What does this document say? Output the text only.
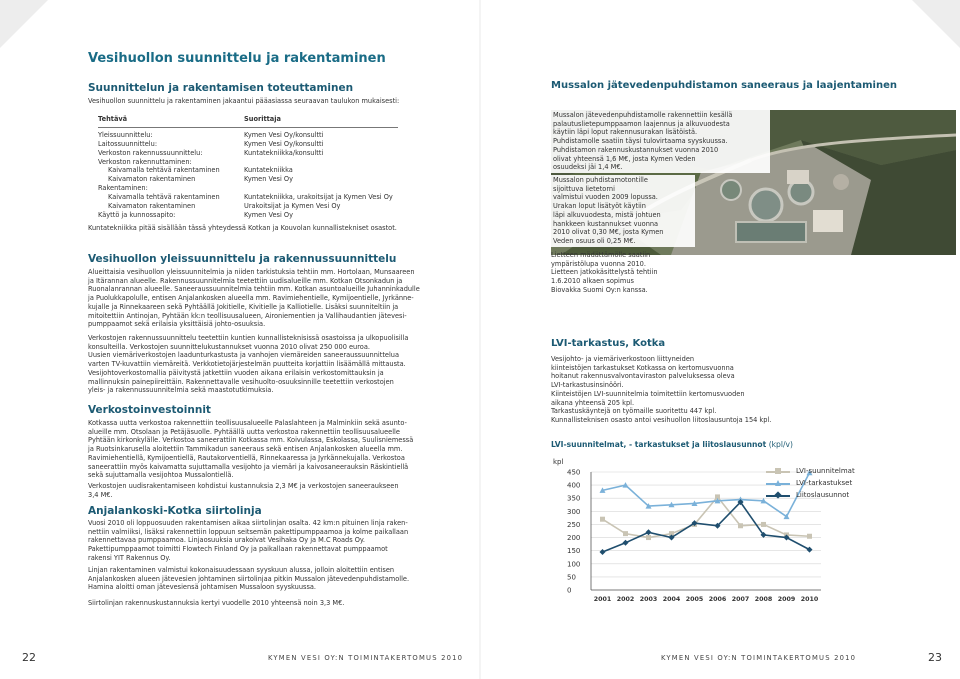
Vesihuollon suunnittelu ja rakentaminen
Suunnittelun ja rakentamisen toteuttaminen
Vesihuollon suunnittelu ja rakentaminen jakaantui pääasiassa seuraavan taulukon mukaisesti:
Tehtävä	Suorittaja
Yleissuunnittelu:	Kymen Vesi Oy/konsultti
Laitossuunnittelu:	Kymen Vesi Oy/konsultti
Verkoston rakennussuunnittelu:	Kuntatekniikka/konsultti
Verkoston rakennuttaminen:
Kaivamalla tehtävä rakentaminen	Kuntatekniikka
Kaivamaton rakentaminen	Kymen Vesi Oy
Rakentaminen:
Kaivamalla tehtävä rakentaminen	Kuntatekniikka, urakoitsijat ja Kymen Vesi Oy
Kaivamaton rakentaminen	Urakoitsijat ja Kymen Vesi Oy
Käyttö ja kunnossapito:	Kymen Vesi Oy
Kuntatekniikka pitää sisällään tässä yhteydessä Kotkan ja Kouvolan kunnallistekniset osastot.
Vesihuollon yleissuunnittelu ja rakennussuunnittelu
Alueittaisia vesihuollon yleissuunnitelmia ja niiden tarkistuksia tehtiin mm. Hortolaan, Munsaareen
ja Itärannan alueelle. Rakennussuunnitelmia teetettiin uudisalueille mm. Kotkan Otsonkadun ja
Ruonalanrannan alueelle. Saneeraussuunnitelmia tehtiin mm. Kotkan asuntoalueille Juhanninkadulle
ja Puolukkapolulle, entisen Anjalankosken alueella mm. Ravimiehentielle, Kymijoentielle, Jyrkänne-
kujalle ja Rinnekaareen sekä Pyhtäällä Jokitielle, Kivitielle ja Kalliotielle. Lisäksi suunniteltiin ja
mitoitettiin Antinojan, Pyhtään kk:n teollisuusalueen, Aironiementien ja Vallihaudantien jätevesi-
pumppaamot sekä erilaisia yksittäisiä johto-osuuksia.
Verkostojen rakennussuunnittelu teetettiin kuntien kunnallisteknisissä osastoissa ja ulkopuolisilla
konsulteilla. Verkostojen suunnittelukustannukset vuonna 2010 olivat 250 000 euroa.
Uusien viemäriverkostojen laadunturkastusta ja vanhojen viemäreiden saneeraussuunnittelua
varten TV-kuvattiin viemäreitä. Verkkotietojärjestelmän puutteita korjattiin lisäämällä mittausta.
Vesijohtoverkostomallia päivitystä jatkettiin vuoden aikana erilaisin verkostomittauksin ja
mallinnuksin painepiireittäin. Rakennettavalle vesihuolto-osuuksinnille teetettiin verkostojen
yleis- ja rakennussuunnitelmia sekä maastotutkimuksia.
Verkostoinvestoinnit
Kotkassa uutta verkostoa rakennettiin teollisuusalueelle Palaslahteen ja Malminkiin sekä asunto-
alueille mm. Otsolaan ja Petäjäsuolle. Pyhtäällä uutta verkostoa rakennettiin teollisuusalueelle
Pyhtään kirkonkylälle. Verkostoa saneerattiin Kotkassa mm. Koivulassa, Eskolassa, Suulisniemessä
ja Ruotsinkarusella aloitettiin Tammikadun saneeraus sekä entisen Anjalankosken alueella mm.
Ravimiehentiellä, Kymijoentiellä, Rautakorventiellä, Rinnekaaressa ja Jyrkännekujalla. Verkostoa
saneerattiin myös kaivamatta sujuttamalla vesijohto ja viemäri ja kaivosaneerauksin Räskintiellä
sekä sujuttamalla vesijohtoa Mussalontiellä.
Verkostojen uudisrakentamiseen kohdistui kustannuksia 2,3 M€ ja verkostojen saneeraukseen
3,4 M€.
Anjalankoski-Kotka siirtolinja
Vuosi 2010 oli loppuosuuden rakentamisen aikaa siirtolinjan osalta. 42 km:n pituinen linja raken-
nettiin valmiiksi, lisäksi rakennettiin loppuun seitsemän pakettipumppaamoa ja kolme paikallaan
rakennettavaa pumppaamoa. Linjaosuuksia urakoivat Vesihaka Oy ja M.C Roads Oy.
Pakettipumppaamot toimitti Flowtech Finland Oy ja paikallaan rakennettavat pumppaamot
rakensi YIT Rakennus Oy.
Linjan rakentaminen valmistui kokonaisuudessaan syyskuun alussa, jolloin aloitettiin entisen
Anjalankosken alueen jätevesien johtaminen siirtolinjaa pitkin Mussalon jätevedenpuhdistamolle.
Hamina aloitti oman jätevesiensä johtamisen Mussaloon syyskuussa.
Siirtolinjan rakennuskustannuksia kertyi vuodelle 2010 yhteensä noin 3,3 M€.
22	KYMEN VESI OY:N TOIMINTAKERTOMUS 2010
Mussalon jätevedenpuhdistamon saneeraus ja laajentaminen
Mussalon jätevedenpuhdistamolle rakennettiin kesällä
palautuslietepumppaamon laajennus ja alkuvuodesta
käytiin läpi loput rakennusurakan lisätöistä.
Puhdistamolle saatiin täysi tulovirtaama syyskuussa.
Puhdistamon rakennuskustannukset vuonna 2010
olivat yhteensä 1,6 M€, josta Kymen Veden
osuudeksi jäi 1,4 M€.
Mussalon puhdistamotontille
sijoittuva lietetorni
valmistui vuoden 2009 lopussa.
Urakan loput lisätyöt käytiin
läpi alkuvuodesta, mistä johtuen
hankkeen kustannukset vuonna
2010 olivat 0,30 M€, josta Kymen
Veden osuus oli 0,25 M€.
Lietteen mädättämölle saatiin
ympäristölupa vuonna 2010.
Lietteen jatkokäsittelystä tehtiin
1.6.2010 alkaen sopimus
Biovakka Suomi Oy:n kanssa.
LVI-tarkastus, Kotka
Vesijohto- ja viemäriverkostoon liittyneiden
kiinteistöjen tarkastukset Kotkassa on kertomusvuonna
hoitanut rakennusvalvontaviraston palveluksessa oleva
LVI-tarkastusinsinööri.
Kiinteistöjen LVI-suunnitelmia toimitettiin kertomusvuoden
aikana yhteensä 205 kpl.
Tarkastuskäyntejä on työmaille suoritettu 447 kpl.
Kunnallisteknisen osasto antoi vesihuollon liitoslausuntoja 154 kpl.
LVI-suunnitelmat, - tarkastukset ja liitoslausunnot (kpl/v)
kpl
0
50
100
150
200
250
300
350
400
450
2001 2002 2003 2004 2005 2006 2007 2008 2009 2010
LVI-suunnitelmat
LVI-tarkastukset
Liitoslausunnot
KYMEN VESI OY:N TOIMINTAKERTOMUS 2010	23
